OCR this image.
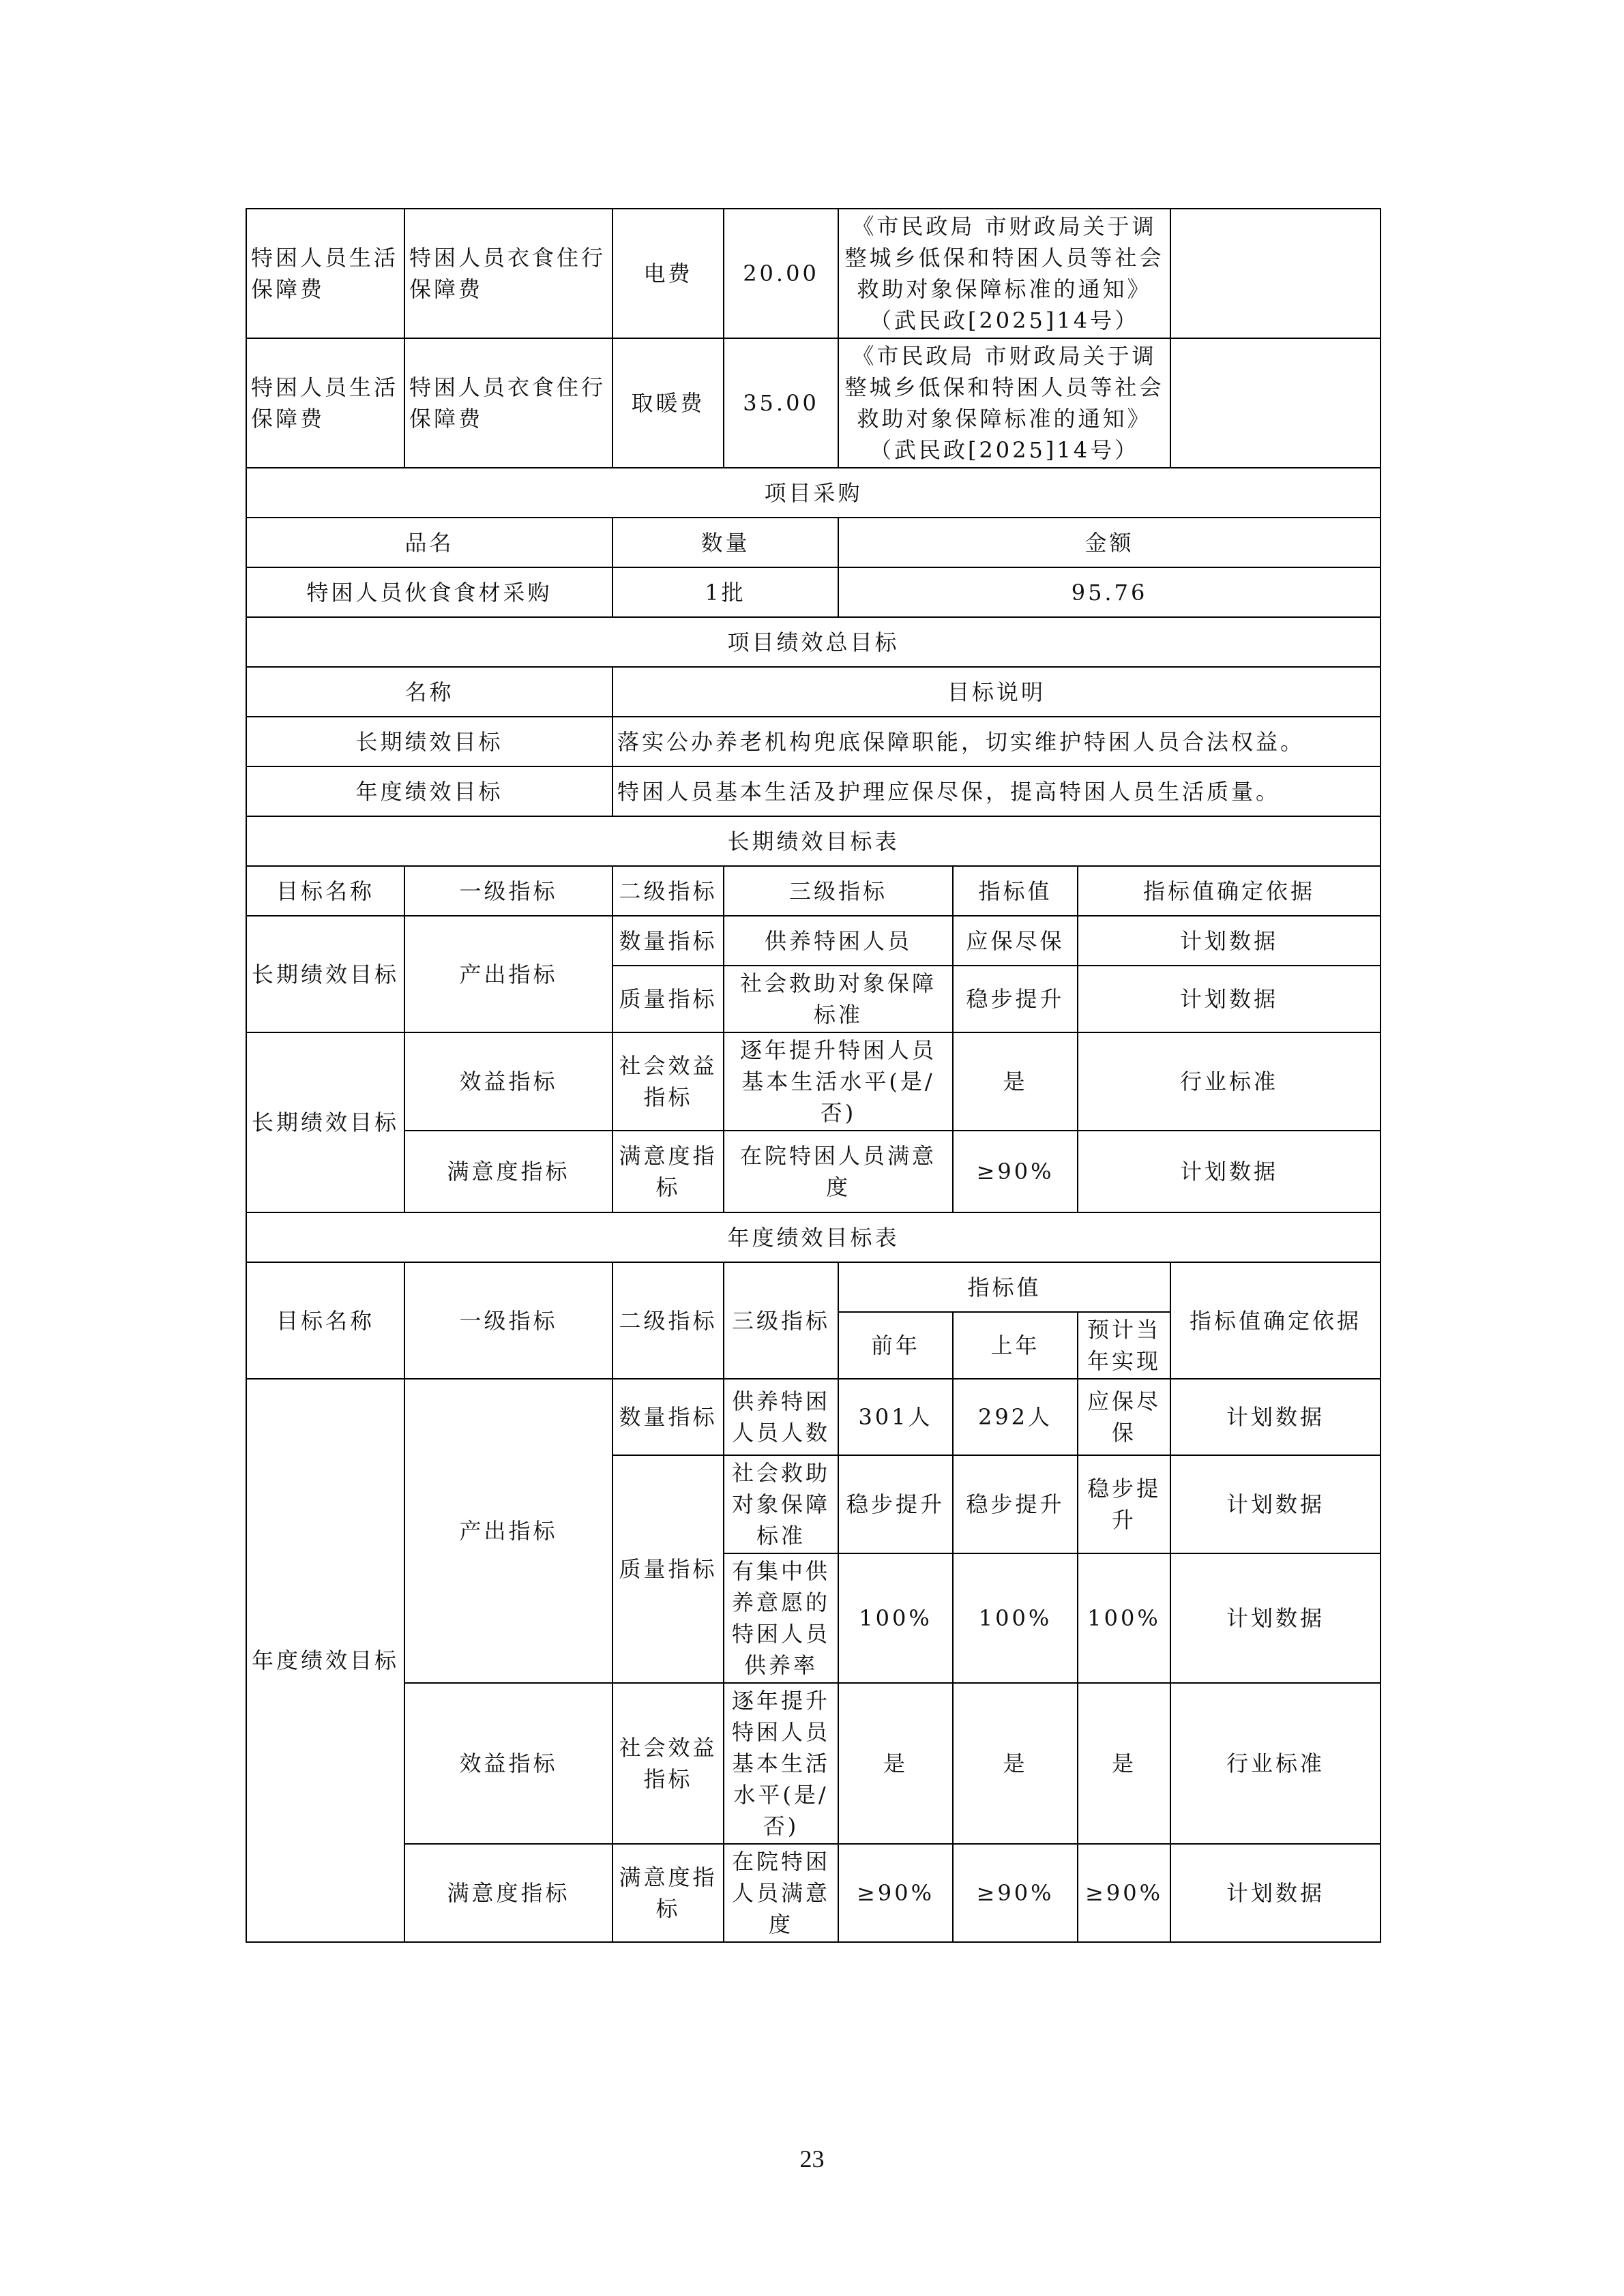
特困人员生活保障费	特困人员衣食住行保障费	电费	20.00	《市民政局 市财政局关于调整城乡低保和特困人员等社会救助对象保障标准的通知》（武民政[2025]14号）			
特困人员生活保障费	特困人员衣食住行保障费	取暖费	35.00	《市民政局 市财政局关于调整城乡低保和特困人员等社会救助对象保障标准的通知》（武民政[2025]14号）			
项目采购							
品名		数量		金额			
特困人员伙食食材采购		1批		95.76			
项目绩效总目标							
名称		目标说明					
长期绩效目标		落实公办养老机构兜底保障职能，切实维护特困人员合法权益。					
年度绩效目标		特困人员基本生活及护理应保尽保，提高特困人员生活质量。					
长期绩效目标表							
目标名称	一级指标	二级指标	三级指标		指标值	指标值确定依据	
长期绩效目标	产出指标	数量指标	供养特困人员		应保尽保	计划数据	
		质量指标	社会救助对象保障标准		稳步提升	计划数据	
长期绩效目标	效益指标	社会效益指标	逐年提升特困人员基本生活水平(是/否)		是	行业标准	
	满意度指标	满意度指标	在院特困人员满意度		≥90%	计划数据	
年度绩效目标表							
目标名称	一级指标	二级指标	三级指标	指标值			指标值确定依据
				前年	上年	预计当年实现	
年度绩效目标	产出指标	数量指标	供养特困人员人数	301人	292人	应保尽保	计划数据
		质量指标	社会救助对象保障标准	稳步提升	稳步提升	稳步提升	计划数据
			有集中供养意愿的特困人员供养率	100%	100%	100%	计划数据
	效益指标	社会效益指标	逐年提升特困人员基本生活水平(是/否)	是	是	是	行业标准
	满意度指标	满意度指标	在院特困人员满意度	≥90%	≥90%	≥90%	计划数据
23
